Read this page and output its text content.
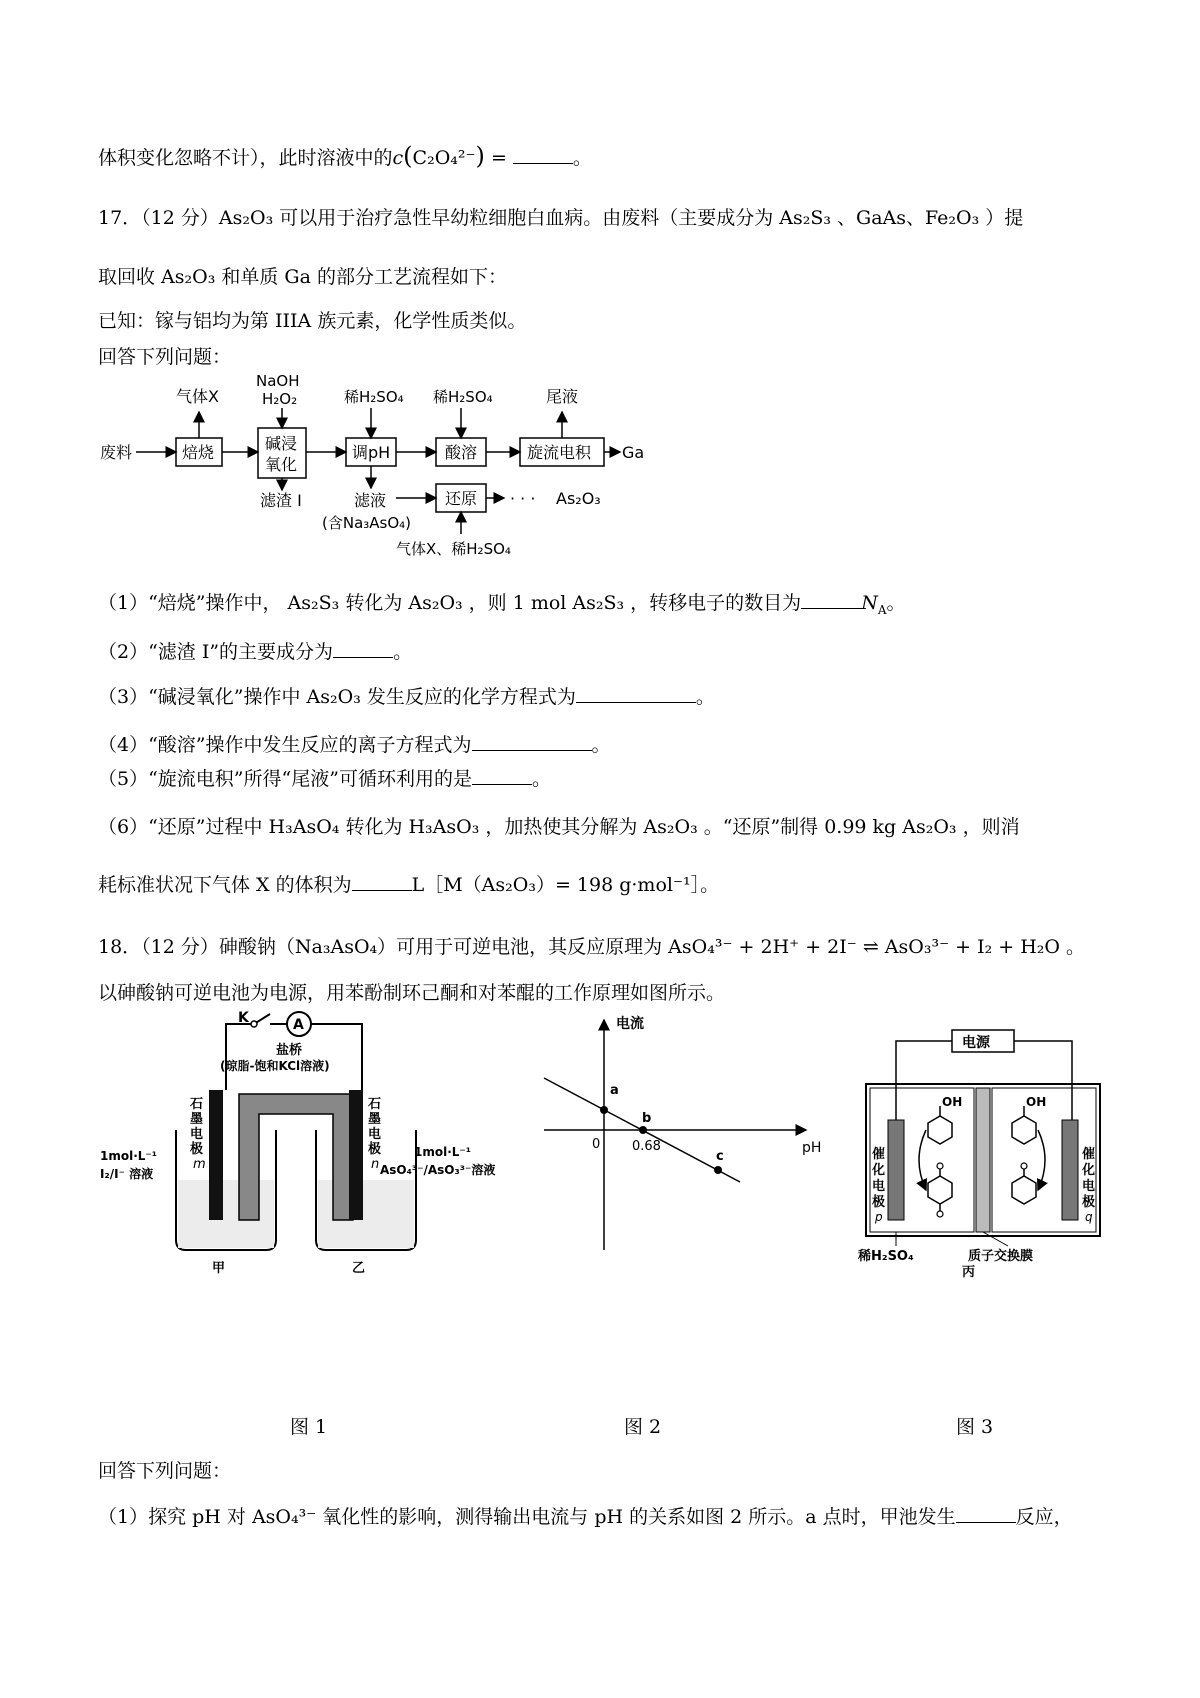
体积变化忽略不计），此时溶液中的c(C₂O₄²⁻) =	。
17．（12 分）As₂O₃ 可以用于治疗急性早幼粒细胞白血病。由废料（主要成分为 As₂S₃ 、GaAs、Fe₂O₃ ）提
取回收 As₂O₃ 和单质 Ga 的部分工艺流程如下：
已知：镓与铝均为第 IIIA 族元素，化学性质类似。
回答下列问题：
废料	焙烧
气体X
碱浸
氧化
NaOH
H₂O₂
滤渣 I
调pH
稀H₂SO₄
滤液
(含Na₃AsO₄)
酸溶
稀H₂SO₄
旋流电积
尾液
Ga
还原 · · · As₂O₃
气体X、稀H₂SO₄
（1）“焙烧”操作中， As₂S₃ 转化为 As₂O₃ ，则 1 mol As₂S₃ ，转移电子的数目为	$N_A$。
（2）“滤渣 I”的主要成分为	。
（3）“碱浸氧化”操作中 As₂O₃ 发生反应的化学方程式为	。
（4）“酸溶”操作中发生反应的离子方程式为	。
（5）“旋流电积”所得“尾液”可循环利用的是	。
（6）“还原”过程中 H₃AsO₄ 转化为 H₃AsO₃ ，加热使其分解为 As₂O₃ 。“还原”制得 0.99 kg As₂O₃ ，则消
耗标准状况下气体 X 的体积为	L［M（As₂O₃）= 198 g·mol⁻¹］。
18．（12 分）砷酸钠（Na₃AsO₄）可用于可逆电池，其反应原理为 AsO₄³⁻ + 2H⁺ + 2I⁻ ⇌ AsO₃³⁻ + I₂ + H₂O 。
以砷酸钠可逆电池为电源，用苯酚制环己酮和对苯醌的工作原理如图所示。
K	A
盐桥
(琼脂-饱和KCl溶液)
石
墨
电
极
m
石
墨
电
极
n
1mol·L⁻¹
I₂/I⁻ 溶液
1mol·L⁻¹
AsO₄³⁻/AsO₃³⁻溶液
甲	乙
电流
pH
0
a
b
c
0.68
电源
催
化
电
极
p
催
化
电
极
q
OH	OH
稀H₂SO₄	质子交换膜
丙
图 1	图 2	图 3
回答下列问题：
（1）探究 pH 对 AsO₄³⁻ 氧化性的影响，测得输出电流与 pH 的关系如图 2 所示。a 点时，甲池发生	反应，
